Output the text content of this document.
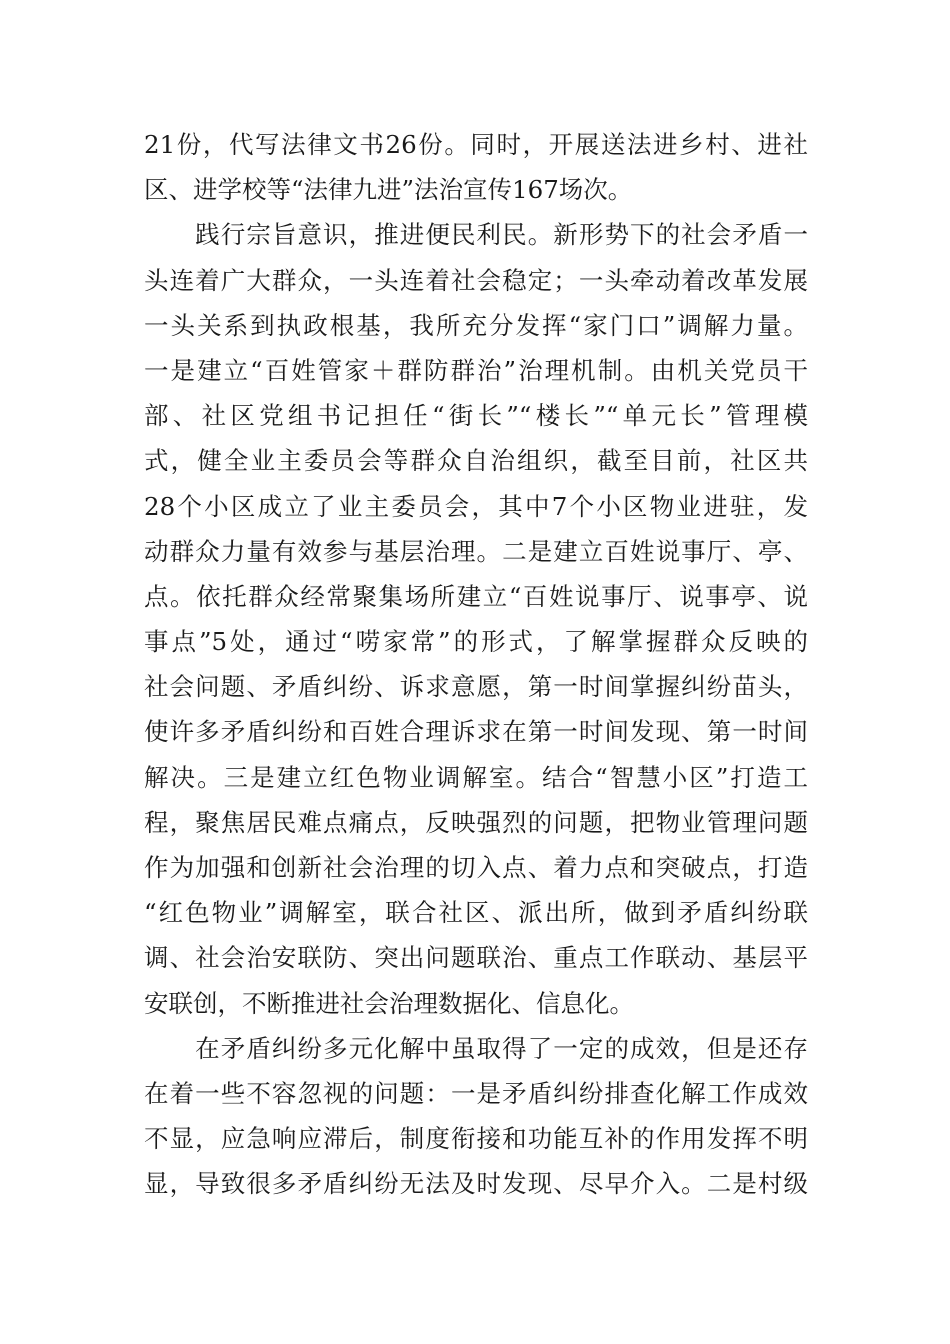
21份，代写法律文书26份。同时，开展送法进乡村、进社
区、进学校等“法律九进”法治宣传167场次。
　　践行宗旨意识，推进便民利民。新形势下的社会矛盾一
头连着广大群众，一头连着社会稳定；一头牵动着改革发展
一头关系到执政根基，我所充分发挥“家门口”调解力量。
一是建立“百姓管家＋群防群治”治理机制。由机关党员干
部、社区党组书记担任“街长”“楼长”“单元长”管理模
式，健全业主委员会等群众自治组织，截至目前，社区共
28个小区成立了业主委员会，其中7个小区物业进驻，发
动群众力量有效参与基层治理。二是建立百姓说事厅、亭、
点。依托群众经常聚集场所建立“百姓说事厅、说事亭、说
事点”5处，通过“唠家常”的形式，了解掌握群众反映的
社会问题、矛盾纠纷、诉求意愿，第一时间掌握纠纷苗头，
使许多矛盾纠纷和百姓合理诉求在第一时间发现、第一时间
解决。三是建立红色物业调解室。结合“智慧小区”打造工
程，聚焦居民难点痛点，反映强烈的问题，把物业管理问题
作为加强和创新社会治理的切入点、着力点和突破点，打造
“红色物业”调解室，联合社区、派出所，做到矛盾纠纷联
调、社会治安联防、突出问题联治、重点工作联动、基层平
安联创，不断推进社会治理数据化、信息化。
　　在矛盾纠纷多元化解中虽取得了一定的成效，但是还存
在着一些不容忽视的问题：一是矛盾纠纷排查化解工作成效
不显，应急响应滞后，制度衔接和功能互补的作用发挥不明
显，导致很多矛盾纠纷无法及时发现、尽早介入。二是村级
